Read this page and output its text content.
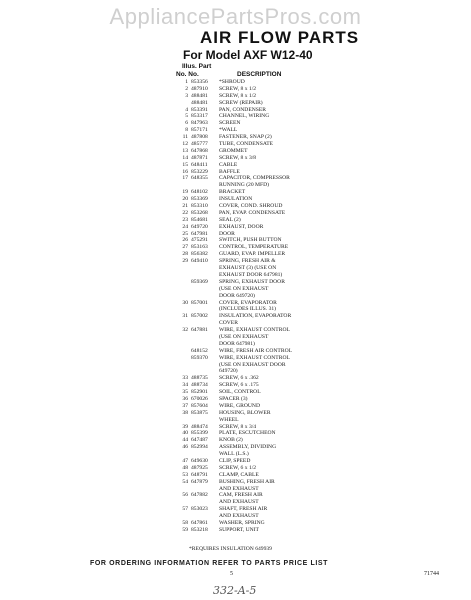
AppliancePartsPros.com
AIR FLOW PARTS
For Model AXF W12-40
Illus. Part
No. No.	DESCRIPTION
1 853356	*SHROUD
2 487910	SCREW, 8 x 1/2
3 488481	SCREW, 8 x 1/2
488481	SCREW (REPAIR)
4 853391	PAN, CONDENSER
5 853317	CHANNEL, WIRING
6 847963	SCREEN
8 857171	*WALL
11 487808	FASTENER, SNAP (2)
12 485777	TUBE, CONDENSATE
13 647868	GROMMET
14 487871	SCREW, 8 x 3/8
15 648411	CABLE
16 853229	BAFFLE
17 648355	CAPACITOR, COMPRESSOR
RUNNING (20 MFD)
19 648102	BRACKET
20 853369	INSULATION
21 853310	COVER, COND. SHROUD
22 853268	PAN, EVAP. CONDENSATE
23 854681	SEAL (2)
24 649720	EXHAUST, DOOR
25 647981	DOOR
26 475291	SWITCH, PUSH BUTTON
27 853163	CONTROL, TEMPERATURE
28 856382	GUARD, EVAP. IMPELLER
29 649410	SPRING, FRESH AIR &
EXHAUST (3) (USE ON
EXHAUST DOOR 647981)
859369	SPRING, EXHAUST DOOR
(USE ON EXHAUST
DOOR 649720)
30 857001	COVER, EVAPORATOR
(INCLUDES ILLUS. 31)
31 857002	INSULATION, EVAPORATOR
COVER
32 647881	WIRE, EXHAUST CONTROL
(USE ON EXHAUST
DOOR 647981)
648152	WIRE, FRESH AIR CONTROL
859370	WIRE, EXHAUST CONTROL
(USE ON EXHAUST DOOR
649720)
33 488735	SCREW, 6 x .362
34 488734	SCREW, 6 x .175
35 852901	SOIL, CONTROL
36 670026	SPACER (3)
37 857604	WIRE, GROUND
38 853875	HOUSING, BLOWER
WHEEL
39 488474	SCREW, 8 x 3/4
40 855399	PLATE, ESCUTCHEON
44 647487	KNOB (2)
46 852994	ASSEMBLY, DIVIDING
WALL (L.S.)
47 649630	CLIP, SPEED
48 487925	SCREW, 6 x 1/2
53 648791	CLAMP, CABLE
54 647879	BUSHING, FRESH AIR
AND EXHAUST
56 647882	CAM, FRESH AIR
AND EXHAUST
57 853023	SHAFT, FRESH AIR
AND EXHAUST
58 647861	WASHER, SPRING
59 853218	SUPPORT, UNIT
*REQUIRES INSULATION 649939
FOR ORDERING INFORMATION REFER TO PARTS PRICE LIST
5	71744
332-A-5
